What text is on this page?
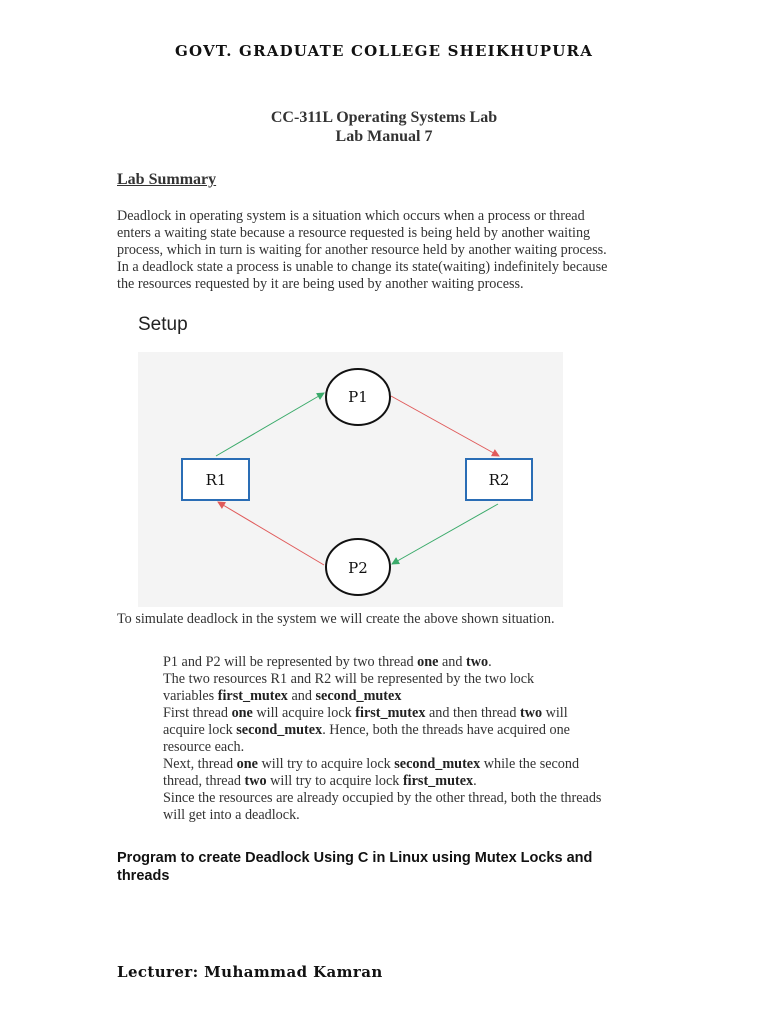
GOVT. GRADUATE COLLEGE SHEIKHUPURA
CC-311L Operating Systems Lab
Lab Manual 7
Lab Summary
Deadlock in operating system is a situation which occurs when a process or thread
enters a waiting state because a resource requested is being held by another waiting
process, which in turn is waiting for another resource held by another waiting process.
In a deadlock state a process is unable to change its state(waiting) indefinitely because
the resources requested by it are being used by another waiting process.
Setup
P1
P2
R1	R2
To simulate deadlock in the system we will create the above shown situation.

P1 and P2 will be represented by two thread one and two.

The two resources R1 and R2 will be represented by the two lock
variables first_mutex and second_mutex

First thread one will acquire lock first_mutex and then thread two will
acquire lock second_mutex. Hence, both the threads have acquired one
resource each.

Next, thread one will try to acquire lock second_mutex while the second
thread, thread two will try to acquire lock first_mutex.

Since the resources are already occupied by the other thread, both the threads
will get into a deadlock.

Program to create Deadlock Using C in Linux using Mutex Locks and
threads
Lecturer: Muhammad Kamran
